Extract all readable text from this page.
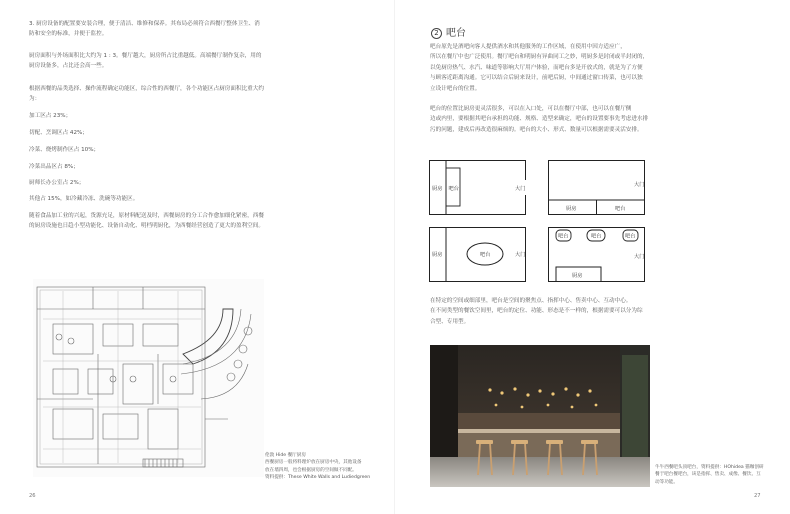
3. 厨房设备的配置要安装合理，便于清洁、维修和保养。其布局必须符合西餐厅整体卫生、消防和安全的标准，并便于监控。

厨房面积与外场面积比大约为 1 : 3。餐厅越大，厨房所占比重越低。高端餐厅制作复杂，用的厨房设备多，占比还会高一些。

根据西餐的品类选择、操作流程确定功能区，综合性的西餐厅，各个功能区占厨房面积比重大约为：

加工区占 23%；

切配、烹调区占 42%；

冷菜、烧烤制作区占 10%；

冷菜出品区占 8%；

厨师长办公室占 2%；

其他占 15%，如冷藏冷冻、洗碗等功能区。

随着食品加工业的兴起，货源充足，原材料配送及时，西餐厨房的分工合作愈加细化紧密，西餐的厨房设施也日趋小型功能化、设备自动化、明档明厨化，为西餐经营创造了更大的盈利空间。

伦敦 Hide 餐厅厨房
西餐厨房一般将料理炉放在厨房中央，其他设备
放在墙四周，也会根据厨房的空间做不同配。
资料提供：These White Walls and Ludiedgreen
26
2 吧台

吧台原先是酒吧向客人提供酒水和其他服务的工作区域，在使用中因方适应广，

所以在餐厅中也广泛使用。餐厅吧台和明厨有异曲同工之妙，明厨多是封闭或半封闭的，

以免厨房热气、水汽、味道等影响大厅用户体验，而吧台多是开放式的，就是为了方便

与顾客近距离沟通。它可以结合后厨来设计，前吧后厨，中间通过窗口传菜，也可以独

立设计吧台的位置。

吧台的位置比厨房更灵活很多，可以在入口处，可以在餐厅中部，也可以在餐厅侧

边或内里，要根据其吧台承担的功能、规格、造型来确定，吧台的设置要事先考虑进水排

污的问题，建成后再改造很麻烦的。吧台的大小、形式、数量可以根据需要灵活安排。

厨房 吧台	大门
厨房	吧台
大门
厨房	吧台	大门
吧台	吧台	吧台
厨房
大门

在特定的空间或细部里，吧台是空间的聚焦点、指挥中心、售卖中心、互动中心。

在不同类型的餐饮空间里，吧台的定位、功能、形态是不一样的，根据需要可以分为综

合型、专用型。

牛牛西餐吧头顶吧台，资料提供：HOhidea 猫咖创研
餐于吧台餐吧台，该是指挥、售卖、成像、餐饮、互
动等功能。
27
